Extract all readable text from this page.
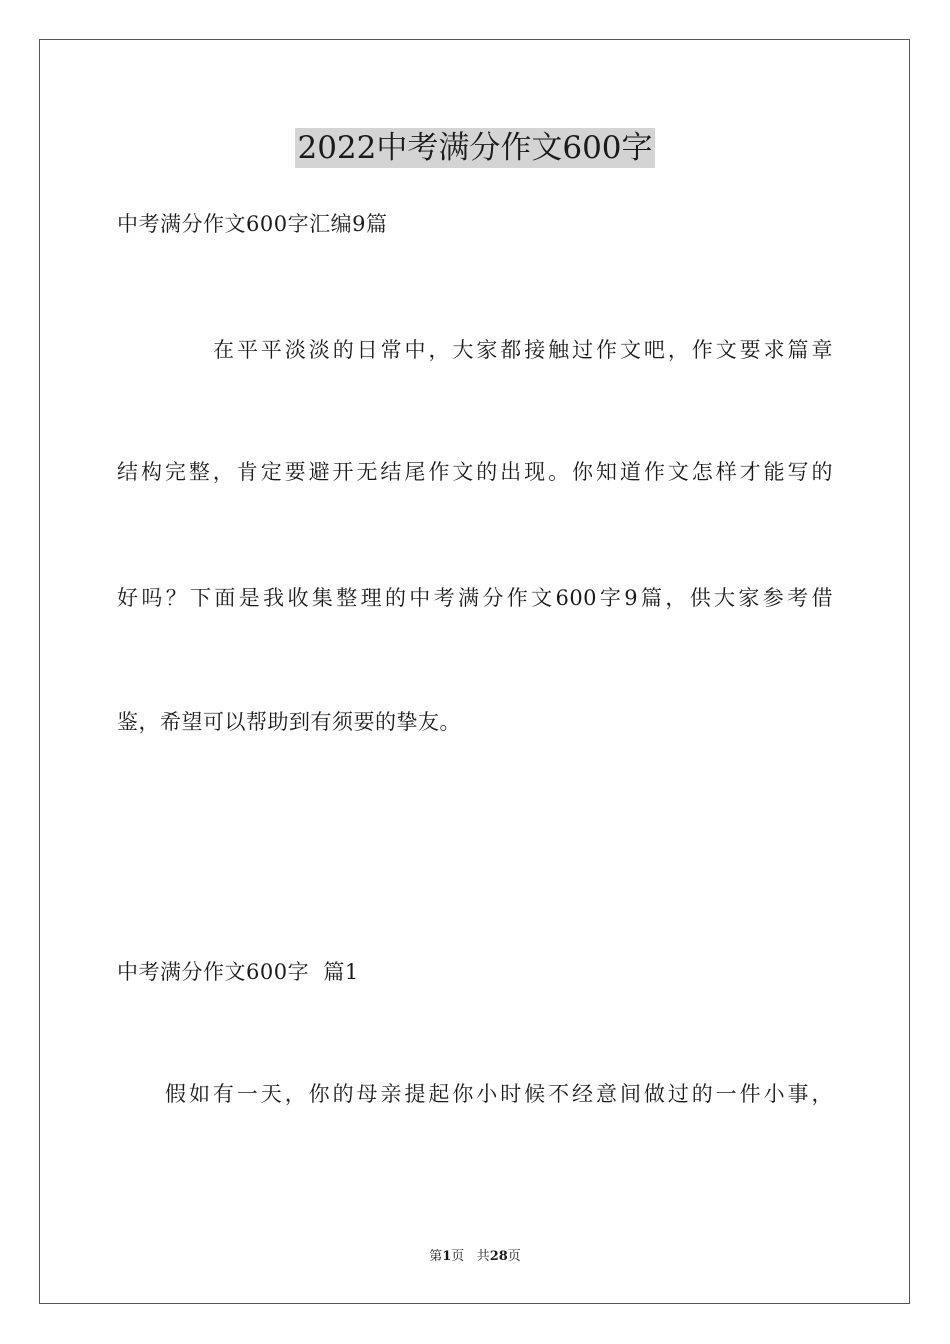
2022中考满分作文600字
中考满分作文600字汇编9篇
在平平淡淡的日常中，大家都接触过作文吧，作文要求篇章
结构完整，肯定要避开无结尾作文的出现。你知道作文怎样才能写的
好吗？下面是我收集整理的中考满分作文600字9篇，供大家参考借
鉴，希望可以帮助到有须要的挚友。
中考满分作文600字  篇1
假如有一天，你的母亲提起你小时候不经意间做过的一件小事，
第1页 共28页
